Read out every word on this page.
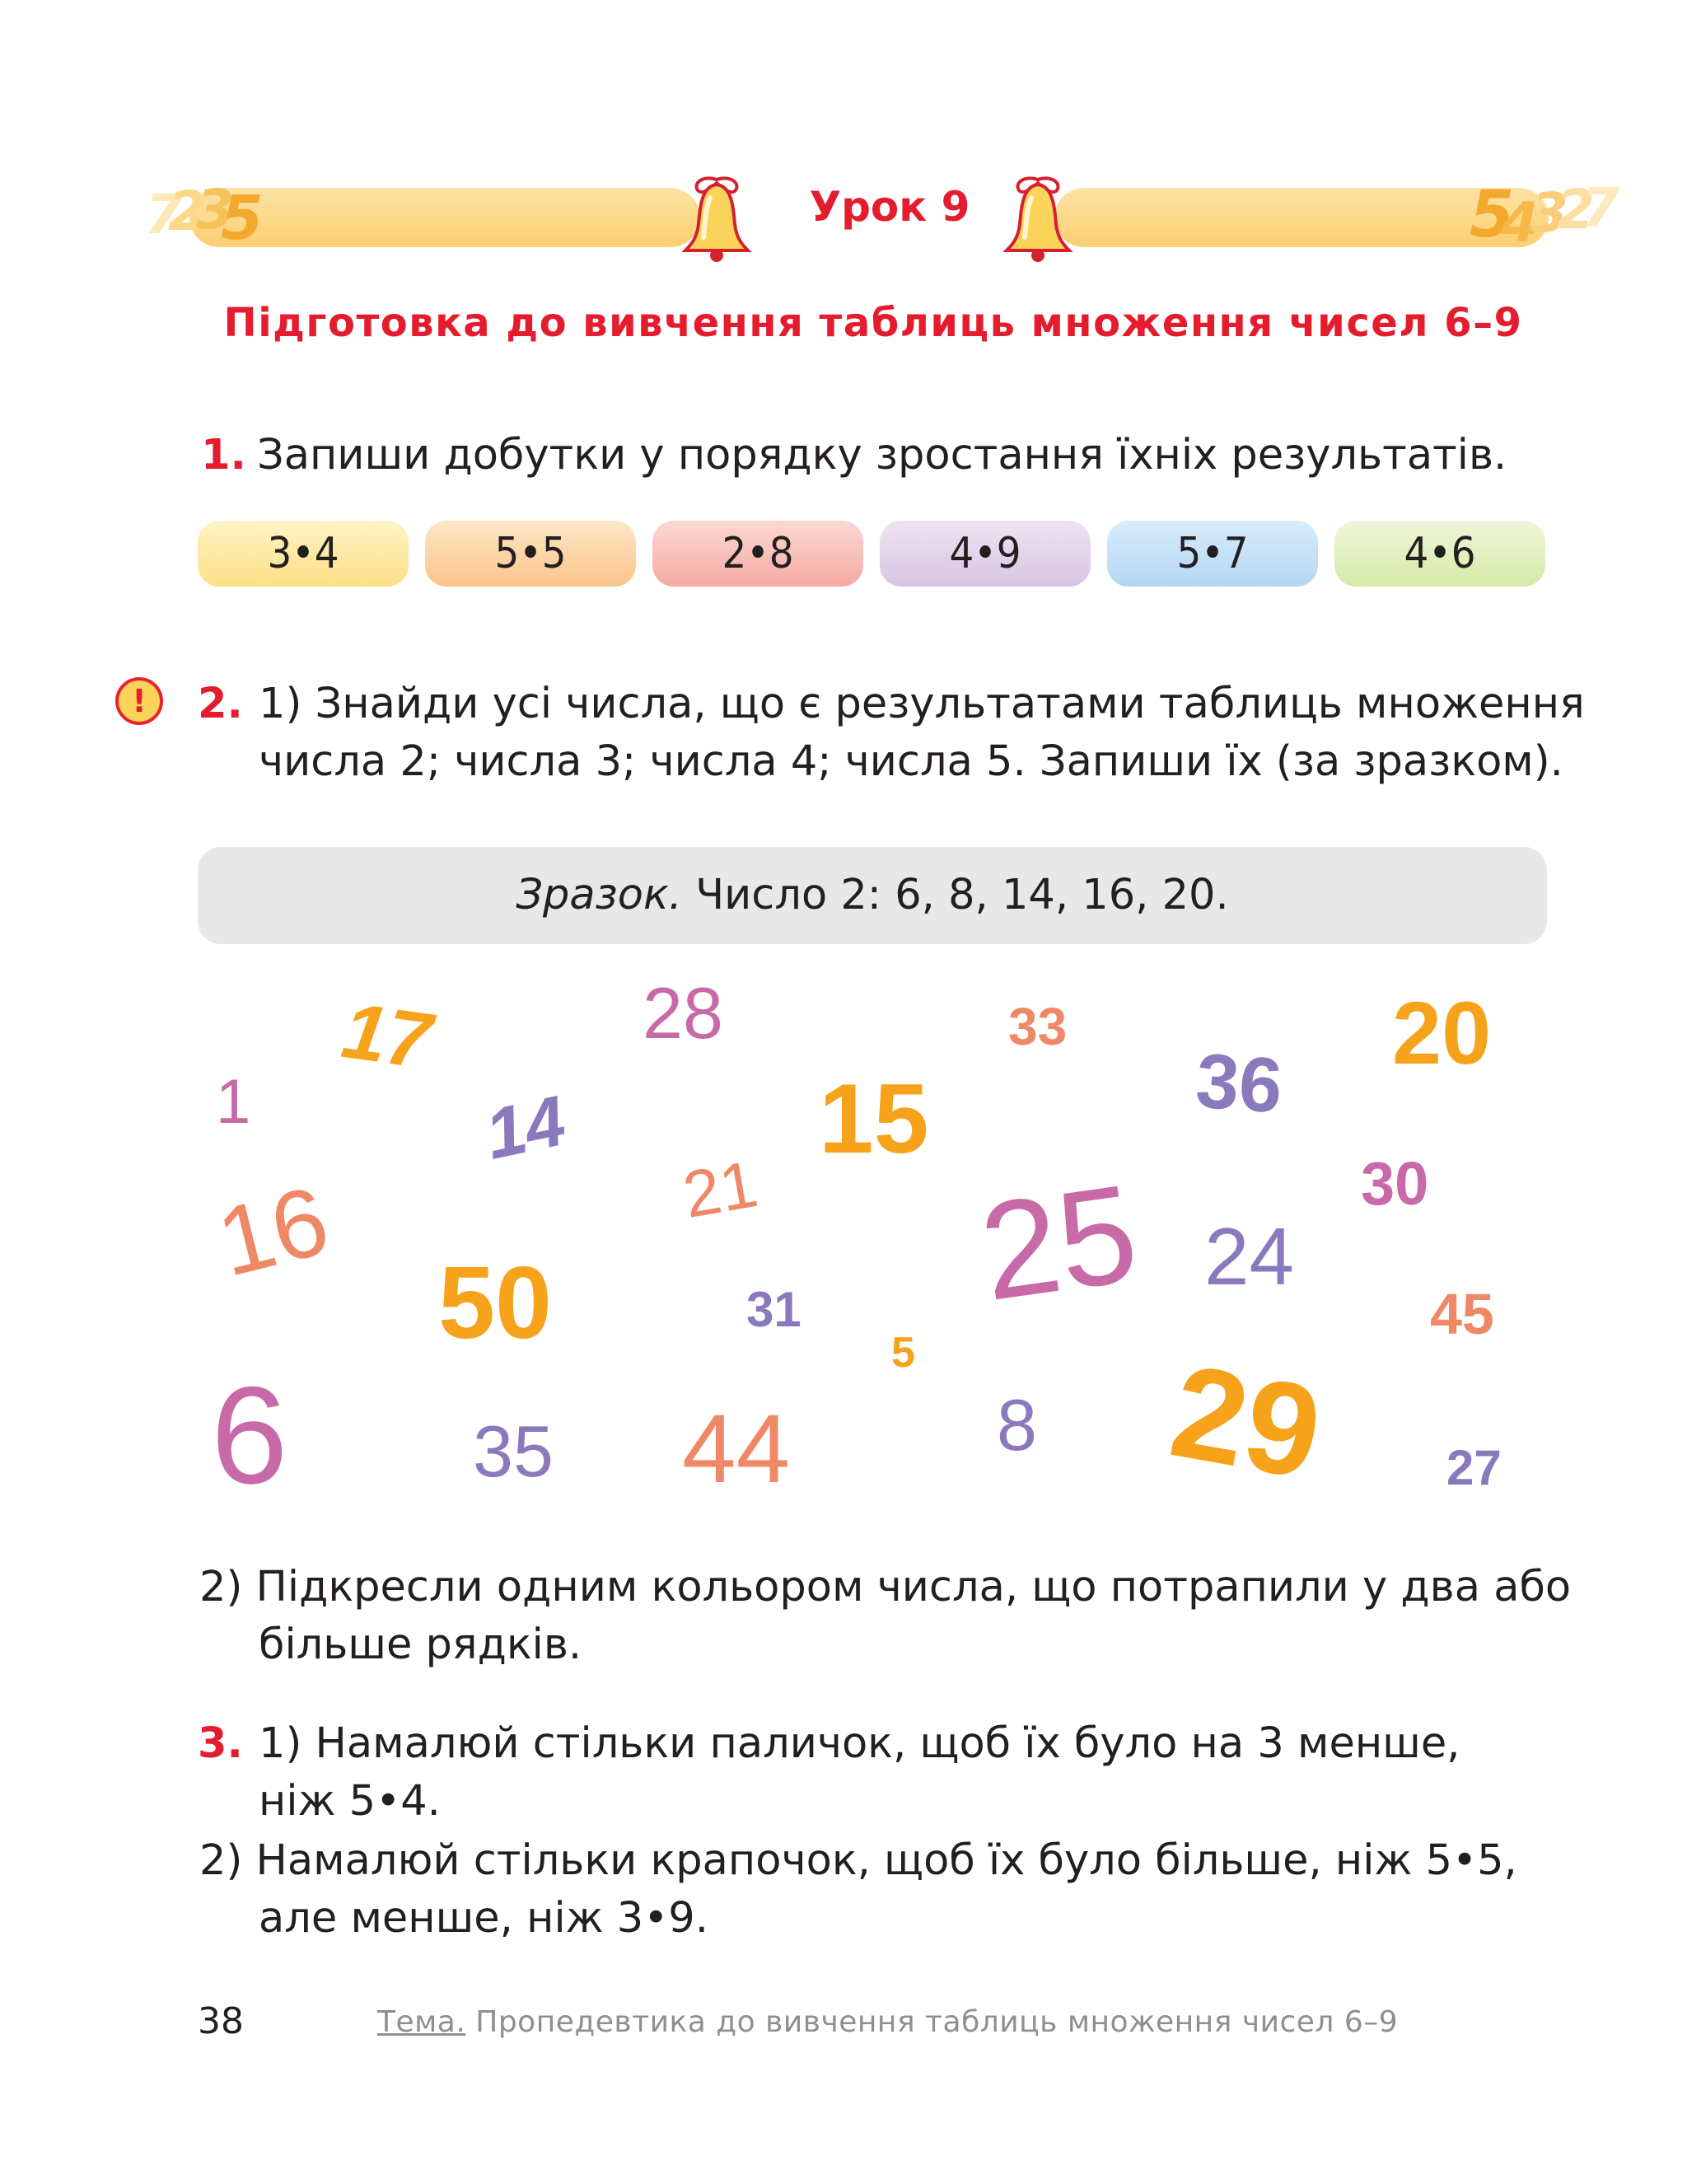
7
2
3
5	5
4
3
2
7
Урок 9
Підготовка до вивчення таблиць множення чисел 6–9
1. Запиши добутки у порядку зростання їхніх результатів.
3•4	5•5	2•8	4•9	5•7	4•6
!	2. 1) Знайди усі числа, що є результатами таблиць множення
числа 2; числа 3; числа 4; числа 5. Запиши їх (за зразком).
Зразок. Число 2: 6, 8, 14, 16, 20.
17	28	33	20
1	14 15	36
21	30
16
50	25 24
31
5
45
6	35 44	8 29 27
2) Підкресли одним кольором числа, що потрапили у два або
більше рядків.
3. 1) Намалюй стільки паличок, щоб їх було на 3 менше,
ніж 5•4.
2) Намалюй стільки крапочок, щоб їх було більше, ніж 5•5,
але менше, ніж 3•9.
38	Тема. Пропедевтика до вивчення таблиць множення чисел 6–9
